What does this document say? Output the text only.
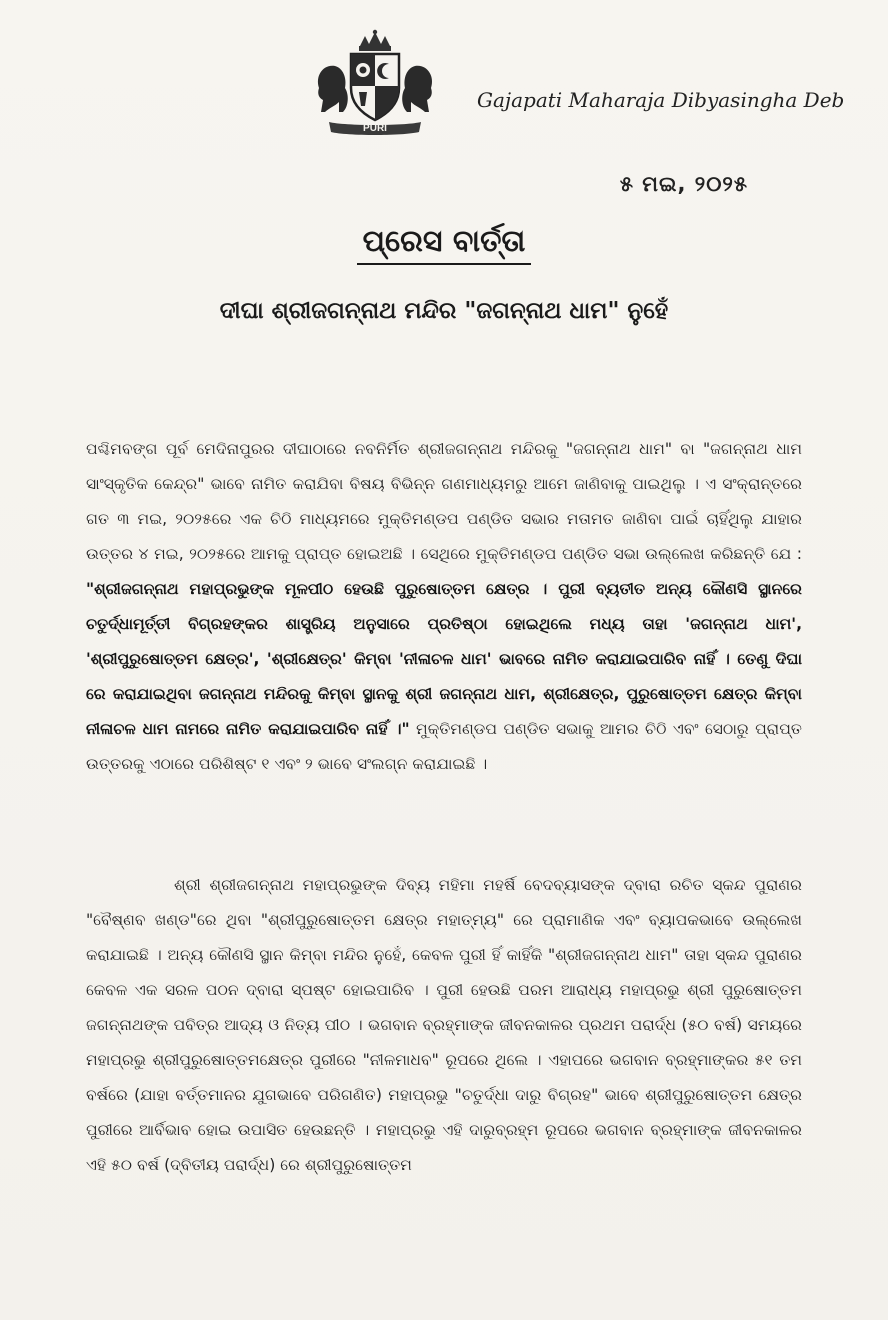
PURI
Gajapati Maharaja Dibyasingha Deb
୫ ମଇ, ୨୦୨୫
ପ୍ରେସ ବାର୍ତ୍ତା
ଦୀଘା ଶ୍ରୀଜଗନ୍ନାଥ ମନ୍ଦିର "ଜଗନ୍ନାଥ ଧାମ" ନୁହେଁ
ପଶ୍ଚିମବଙ୍ଗ ପୂର୍ବ ମେଦିନାପୁରର ଦୀଘାଠାରେ ନବନିର୍ମିତ ଶ୍ରୀଜଗନ୍ନାଥ ମନ୍ଦିରକୁ "ଜଗନ୍ନାଥ ଧାମ" ବା "ଜଗନ୍ନାଥ ଧାମ ସାଂସ୍କୃତିକ କେନ୍ଦ୍ର" ଭାବେ ନାମିତ କରାଯିବା ବିଷୟ ବିଭିନ୍ନ ଗଣମାଧ୍ୟମରୁ ଆମେ ଜାଣିବାକୁ ପାଇଥିଲୁ । ଏ ସଂକ୍ରାନ୍ତରେ ଗତ ୩ ମଇ, ୨୦୨୫ରେ ଏକ ଚିଠି ମାଧ୍ୟମରେ ମୁକ୍ତିମଣ୍ଡପ ପଣ୍ଡିତ ସଭାର ମତାମତ ଜାଣିବା ପାଇଁ ଚାହିଁଥିଲୁ ଯାହାର ଉତ୍ତର ୪ ମଇ, ୨୦୨୫ରେ ଆମକୁ ପ୍ରାପ୍ତ ହୋଇଅଛି । ସେଥିରେ ମୁକ୍ତିମଣ୍ଡପ ପଣ୍ଡିତ ସଭା ଉଲ୍ଲେଖ କରିଛନ୍ତି ଯେ : "ଶ୍ରୀଜଗନ୍ନାଥ ମହାପ୍ରଭୁଙ୍କ ମୂଳପୀଠ ହେଉଛି ପୁରୁଷୋତ୍ତମ କ୍ଷେତ୍ର । ପୁରୀ ବ୍ୟତୀତ ଅନ୍ୟ କୌଣସି ସ୍ଥାନରେ ଚତୁର୍ଦ୍ଧାମୂର୍ତ୍ତୀ ବିଗ୍ରହଙ୍କର ଶାସ୍ତ୍ରିୟ ଅନୁସାରେ ପ୍ରତିଷ୍ଠା ହୋଇଥିଲେ ମଧ୍ୟ ତାହା 'ଜଗନ୍ନାଥ ଧାମ', 'ଶ୍ରୀପୁରୁଷୋତ୍ତମ କ୍ଷେତ୍ର', 'ଶ୍ରୀକ୍ଷେତ୍ର' କିମ୍ବା 'ନୀଳାଚଳ ଧାମ' ଭାବରେ ନାମିତ କରାଯାଇପାରିବ ନାହିଁ । ତେଣୁ ଦିଘା ରେ କରାଯାଇଥିବା ଜଗନ୍ନାଥ ମନ୍ଦିରକୁ କିମ୍ବା ସ୍ଥାନକୁ ଶ୍ରୀ ଜଗନ୍ନାଥ ଧାମ, ଶ୍ରୀକ୍ଷେତ୍ର, ପୁରୁଷୋତ୍ତମ କ୍ଷେତ୍ର କିମ୍ବା ନୀଳାଚଳ ଧାମ ନାମରେ ନାମିତ କରାଯାଇପାରିବ ନାହିଁ ।" ମୁକ୍ତିମଣ୍ଡପ ପଣ୍ଡିତ ସଭାକୁ ଆମର ଚିଠି ଏବଂ ସେଠାରୁ ପ୍ରାପ୍ତ ଉତ୍ତରକୁ ଏଠାରେ ପରିଶିଷ୍ଟ ୧ ଏବଂ ୨ ଭାବେ ସଂଲଗ୍ନ କରାଯାଇଛି ।
ଶ୍ରୀ ଶ୍ରୀଜଗନ୍ନାଥ ମହାପ୍ରଭୁଙ୍କ ଦିବ୍ୟ ମହିମା ମହର୍ଷି ବେଦବ୍ୟାସଙ୍କ ଦ୍ବାରା ରଚିତ ସ୍କନ୍ଦ ପୁରାଣର "ବୈଷ୍ଣବ ଖଣ୍ଡ"ରେ ଥିବା "ଶ୍ରୀପୁରୁଷୋତ୍ତମ କ୍ଷେତ୍ର ମହାତ୍ମ୍ୟ" ରେ ପ୍ରାମାଣିକ ଏବଂ ବ୍ୟାପକଭାବେ ଉଲ୍ଲେଖ କରାଯାଇଛି । ଅନ୍ୟ କୌଣସି ସ୍ଥାନ କିମ୍ବା ମନ୍ଦିର ନୁହେଁ, କେବଳ ପୁରୀ ହିଁ କାହିଁକି "ଶ୍ରୀଜଗନ୍ନାଥ ଧାମ" ତାହା ସ୍କନ୍ଦ ପୁରାଣର କେବଳ ଏକ ସରଳ ପଠନ ଦ୍ବାରା ସ୍ପଷ୍ଟ ହୋଇପାରିବ । ପୁରୀ ହେଉଛି ପରମ ଆରାଧ୍ୟ ମହାପ୍ରଭୁ ଶ୍ରୀ ପୁରୁଷୋତ୍ତମ ଜଗନ୍ନାଥଙ୍କ ପବିତ୍ର ଆଦ୍ୟ ଓ ନିତ୍ୟ ପୀଠ । ଭଗବାନ ବ୍ରହ୍ମାଙ୍କ ଜୀବନକାଳର ପ୍ରଥମ ପରାର୍ଦ୍ଧ (୫୦ ବର୍ଷ) ସମୟରେ ମହାପ୍ରଭୁ ଶ୍ରୀପୁରୁଷୋତ୍ତମକ୍ଷେତ୍ର ପୁରୀରେ "ନୀଳମାଧବ" ରୂପରେ ଥିଲେ । ଏହାପରେ ଭଗବାନ ବ୍ରହ୍ମାଙ୍କର ୫୧ ତମ ବର୍ଷରେ (ଯାହା ବର୍ତ୍ତମାନର ଯୁଗଭାବେ ପରିଗଣିତ) ମହାପ୍ରଭୁ "ଚତୁର୍ଦ୍ଧା ଦାରୁ ବିଗ୍ରହ" ଭାବେ ଶ୍ରୀପୁରୁଷୋତ୍ତମ କ୍ଷେତ୍ର ପୁରୀରେ ଆର୍ବିଭାବ ହୋଇ ଉପାସିତ ହେଉଛନ୍ତି । ମହାପ୍ରଭୁ ଏହି ଦାରୁବ୍ରହ୍ମ ରୂପରେ ଭଗବାନ ବ୍ରହ୍ମାଙ୍କ ଜୀବନକାଳର ଏହି ୫୦ ବର୍ଷ (ଦ୍ବିତୀୟ ପରାର୍ଦ୍ଧ) ରେ ଶ୍ରୀପୁରୁଷୋତ୍ତମ
